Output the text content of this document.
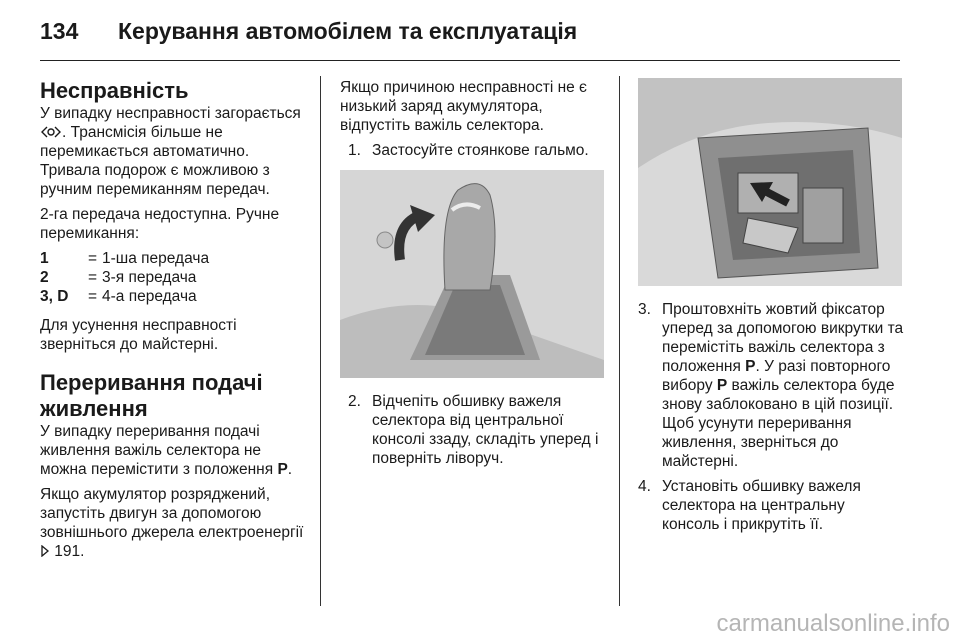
134 Керування автомобілем та експлуатація
Несправність

У випадку несправності загорається . Трансмісія більше не перемикається автоматично. Тривала подорож є можливою з ручним перемиканням передач.

2-га передача недоступна. Ручне перемикання:

1	= 1-ша передача
2	= 3-я передача
3, D	= 4-а передача

Для усунення несправності зверніться до майстерні.

Переривання подачі живлення

У випадку переривання подачі живлення важіль селектора не можна перемістити з положення P.

Якщо акумулятор розряджений, запустіть двигун за допомогою зовнішнього джерела електроенергії  191.

Якщо причиною несправності не є низький заряд акумулятора, відпустіть важіль селектора.

1. Застосуйте стоянкове гальмо.
2. Відчепіть обшивку важеля селектора від центральної консолі ззаду, складіть уперед і поверніть ліворуч.
3. Проштовхніть жовтий фіксатор уперед за допомогою викрутки та перемістіть важіль селектора з положення P. У разі повторного вибору P важіль селектора буде знову заблоковано в цій позиції. Щоб усунути переривання живлення, зверніться до майстерні.
4. Установіть обшивку важеля селектора на центральну консоль і прикрутіть її.
carmanualsonline.info
